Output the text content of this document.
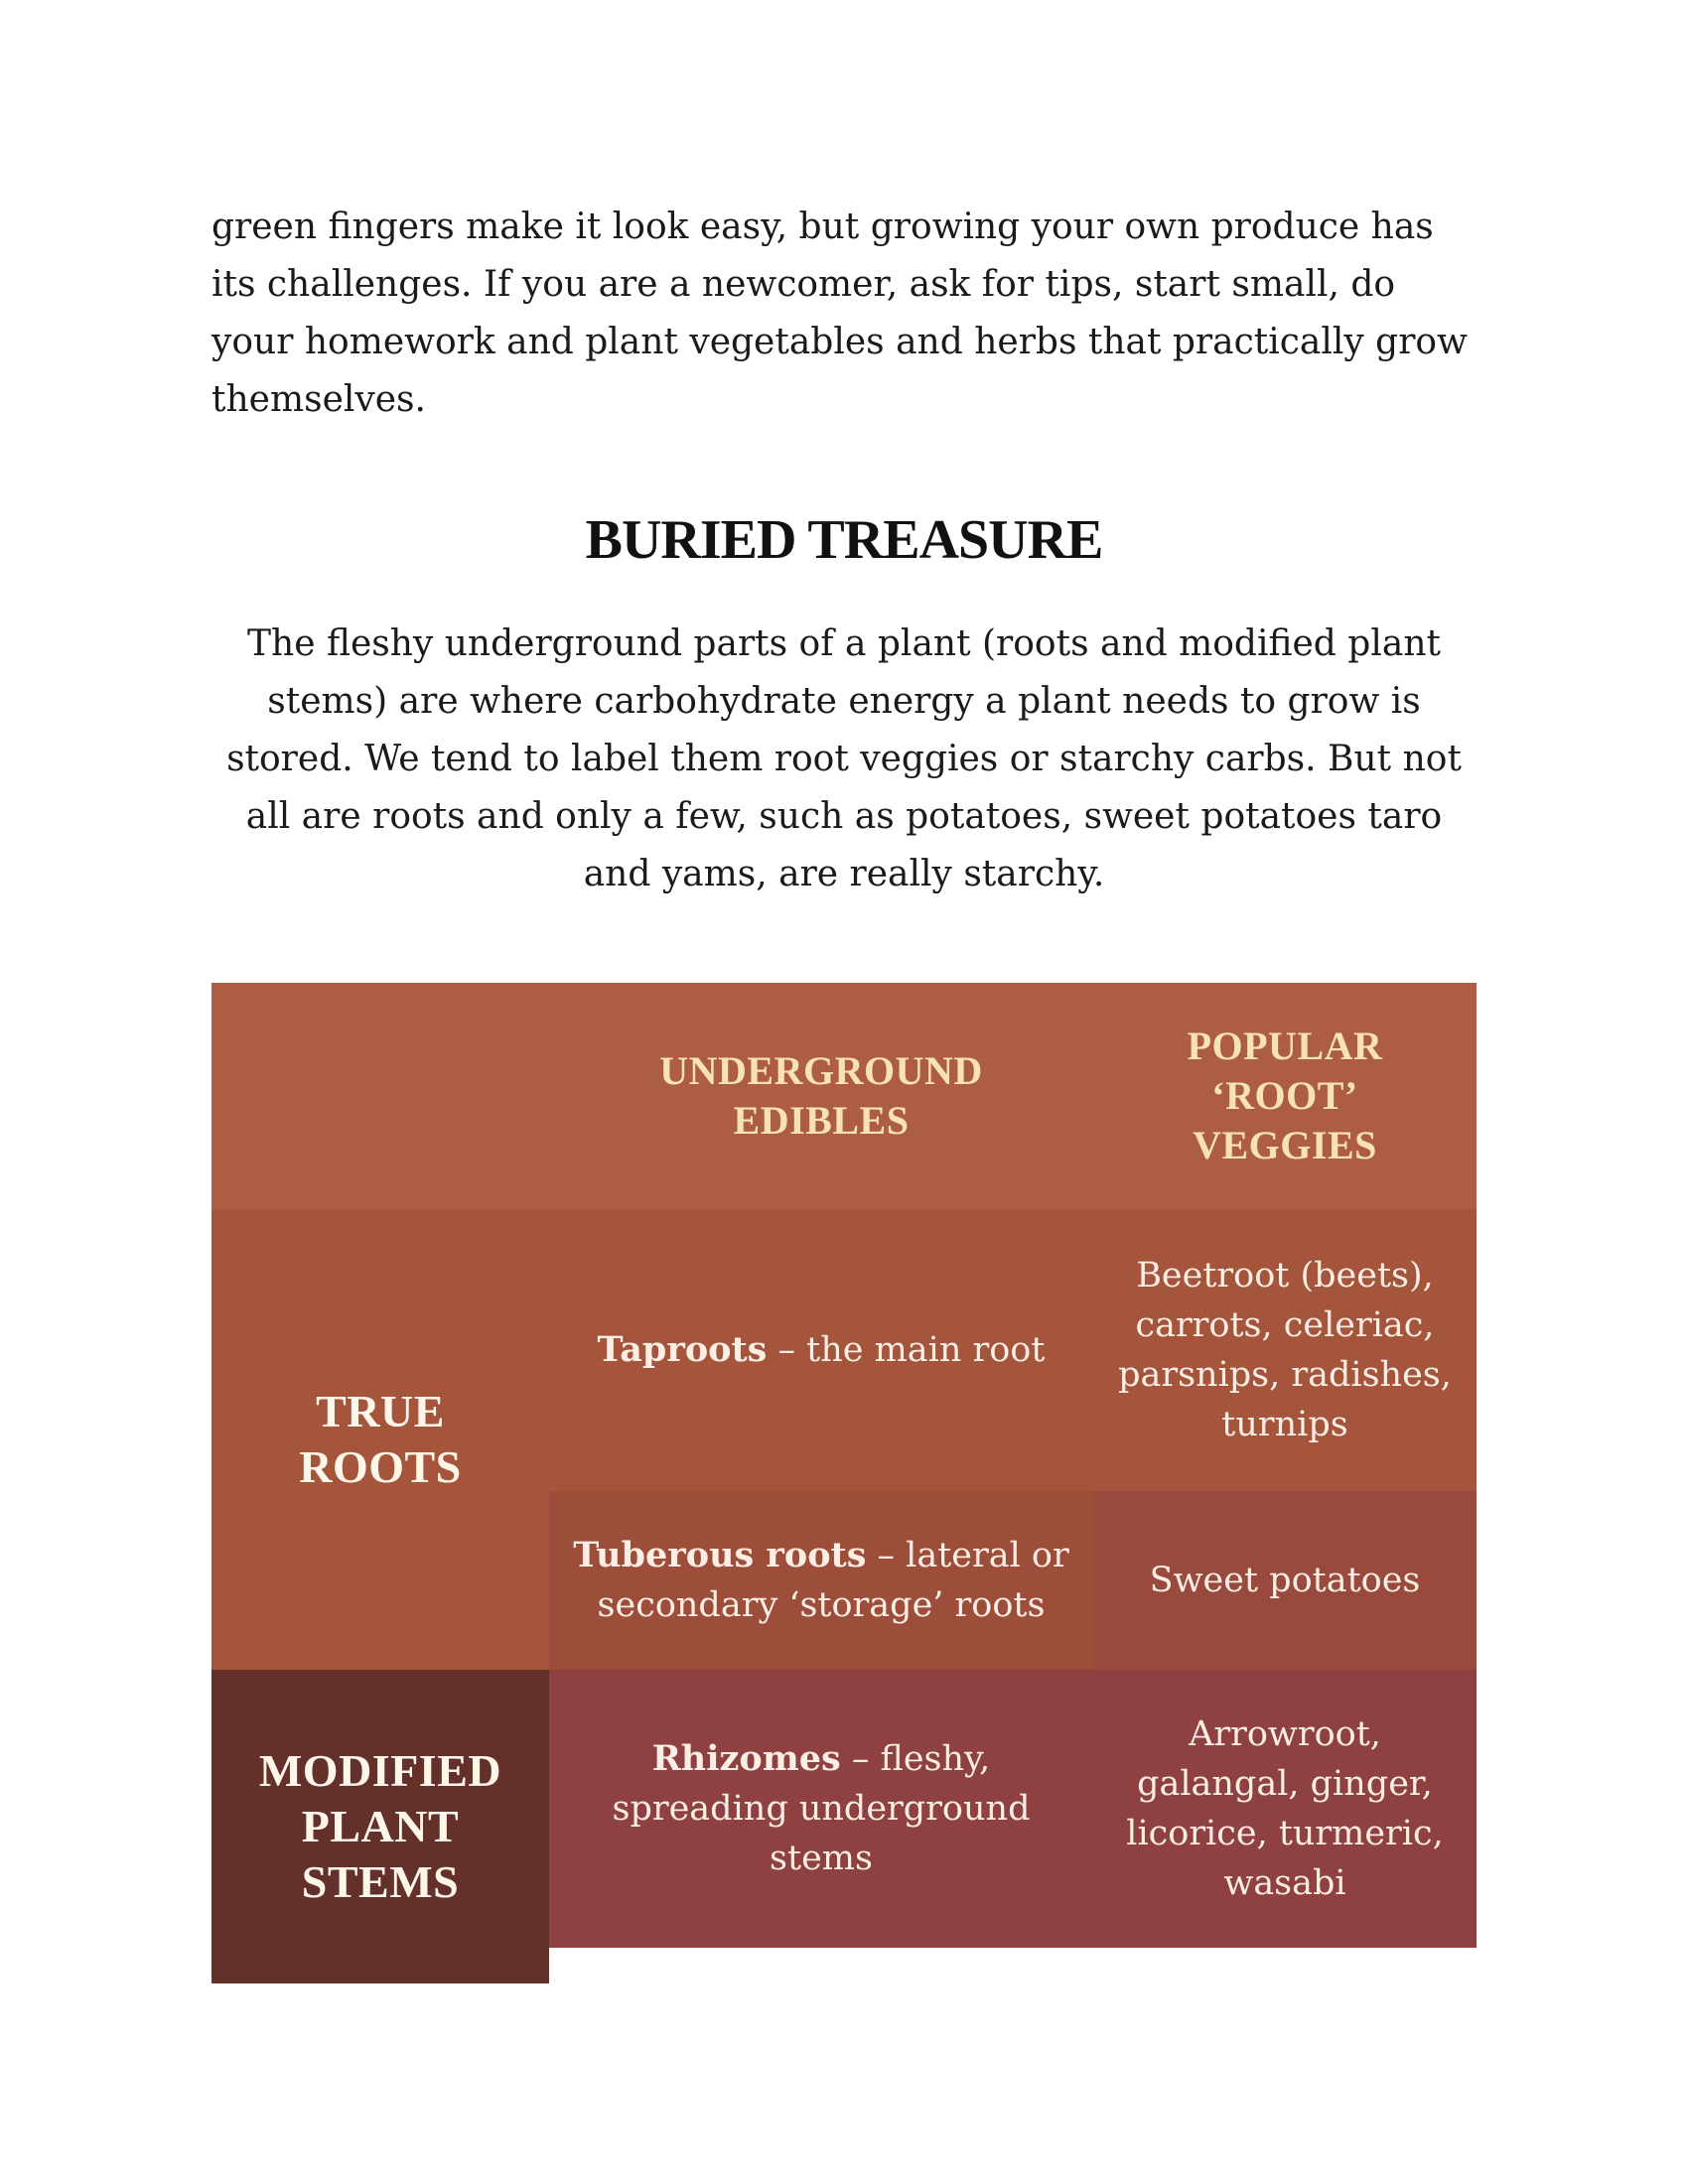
green fingers make it look easy, but growing your own produce has its challenges. If you are a newcomer, ask for tips, start small, do your homework and plant vegetables and herbs that practically grow themselves.

BURIED TREASURE

The fleshy underground parts of a plant (roots and modified plant stems) are where carbohydrate energy a plant needs to grow is stored. We tend to label them root veggies or starchy carbs. But not all are roots and only a few, such as potatoes, sweet potatoes taro and yams, are really starchy.

UNDERGROUND
EDIBLES
POPULAR
‘ROOT’
VEGGIES
TRUE
ROOTS
Taproots – the main root
Beetroot (beets), carrots, celeriac, parsnips, radishes, turnips
Tuberous roots – lateral or secondary ‘storage’ roots
Sweet potatoes
MODIFIED
PLANT
STEMS
Rhizomes – fleshy, spreading underground stems
Arrowroot, galangal, ginger, licorice, turmeric, wasabi
